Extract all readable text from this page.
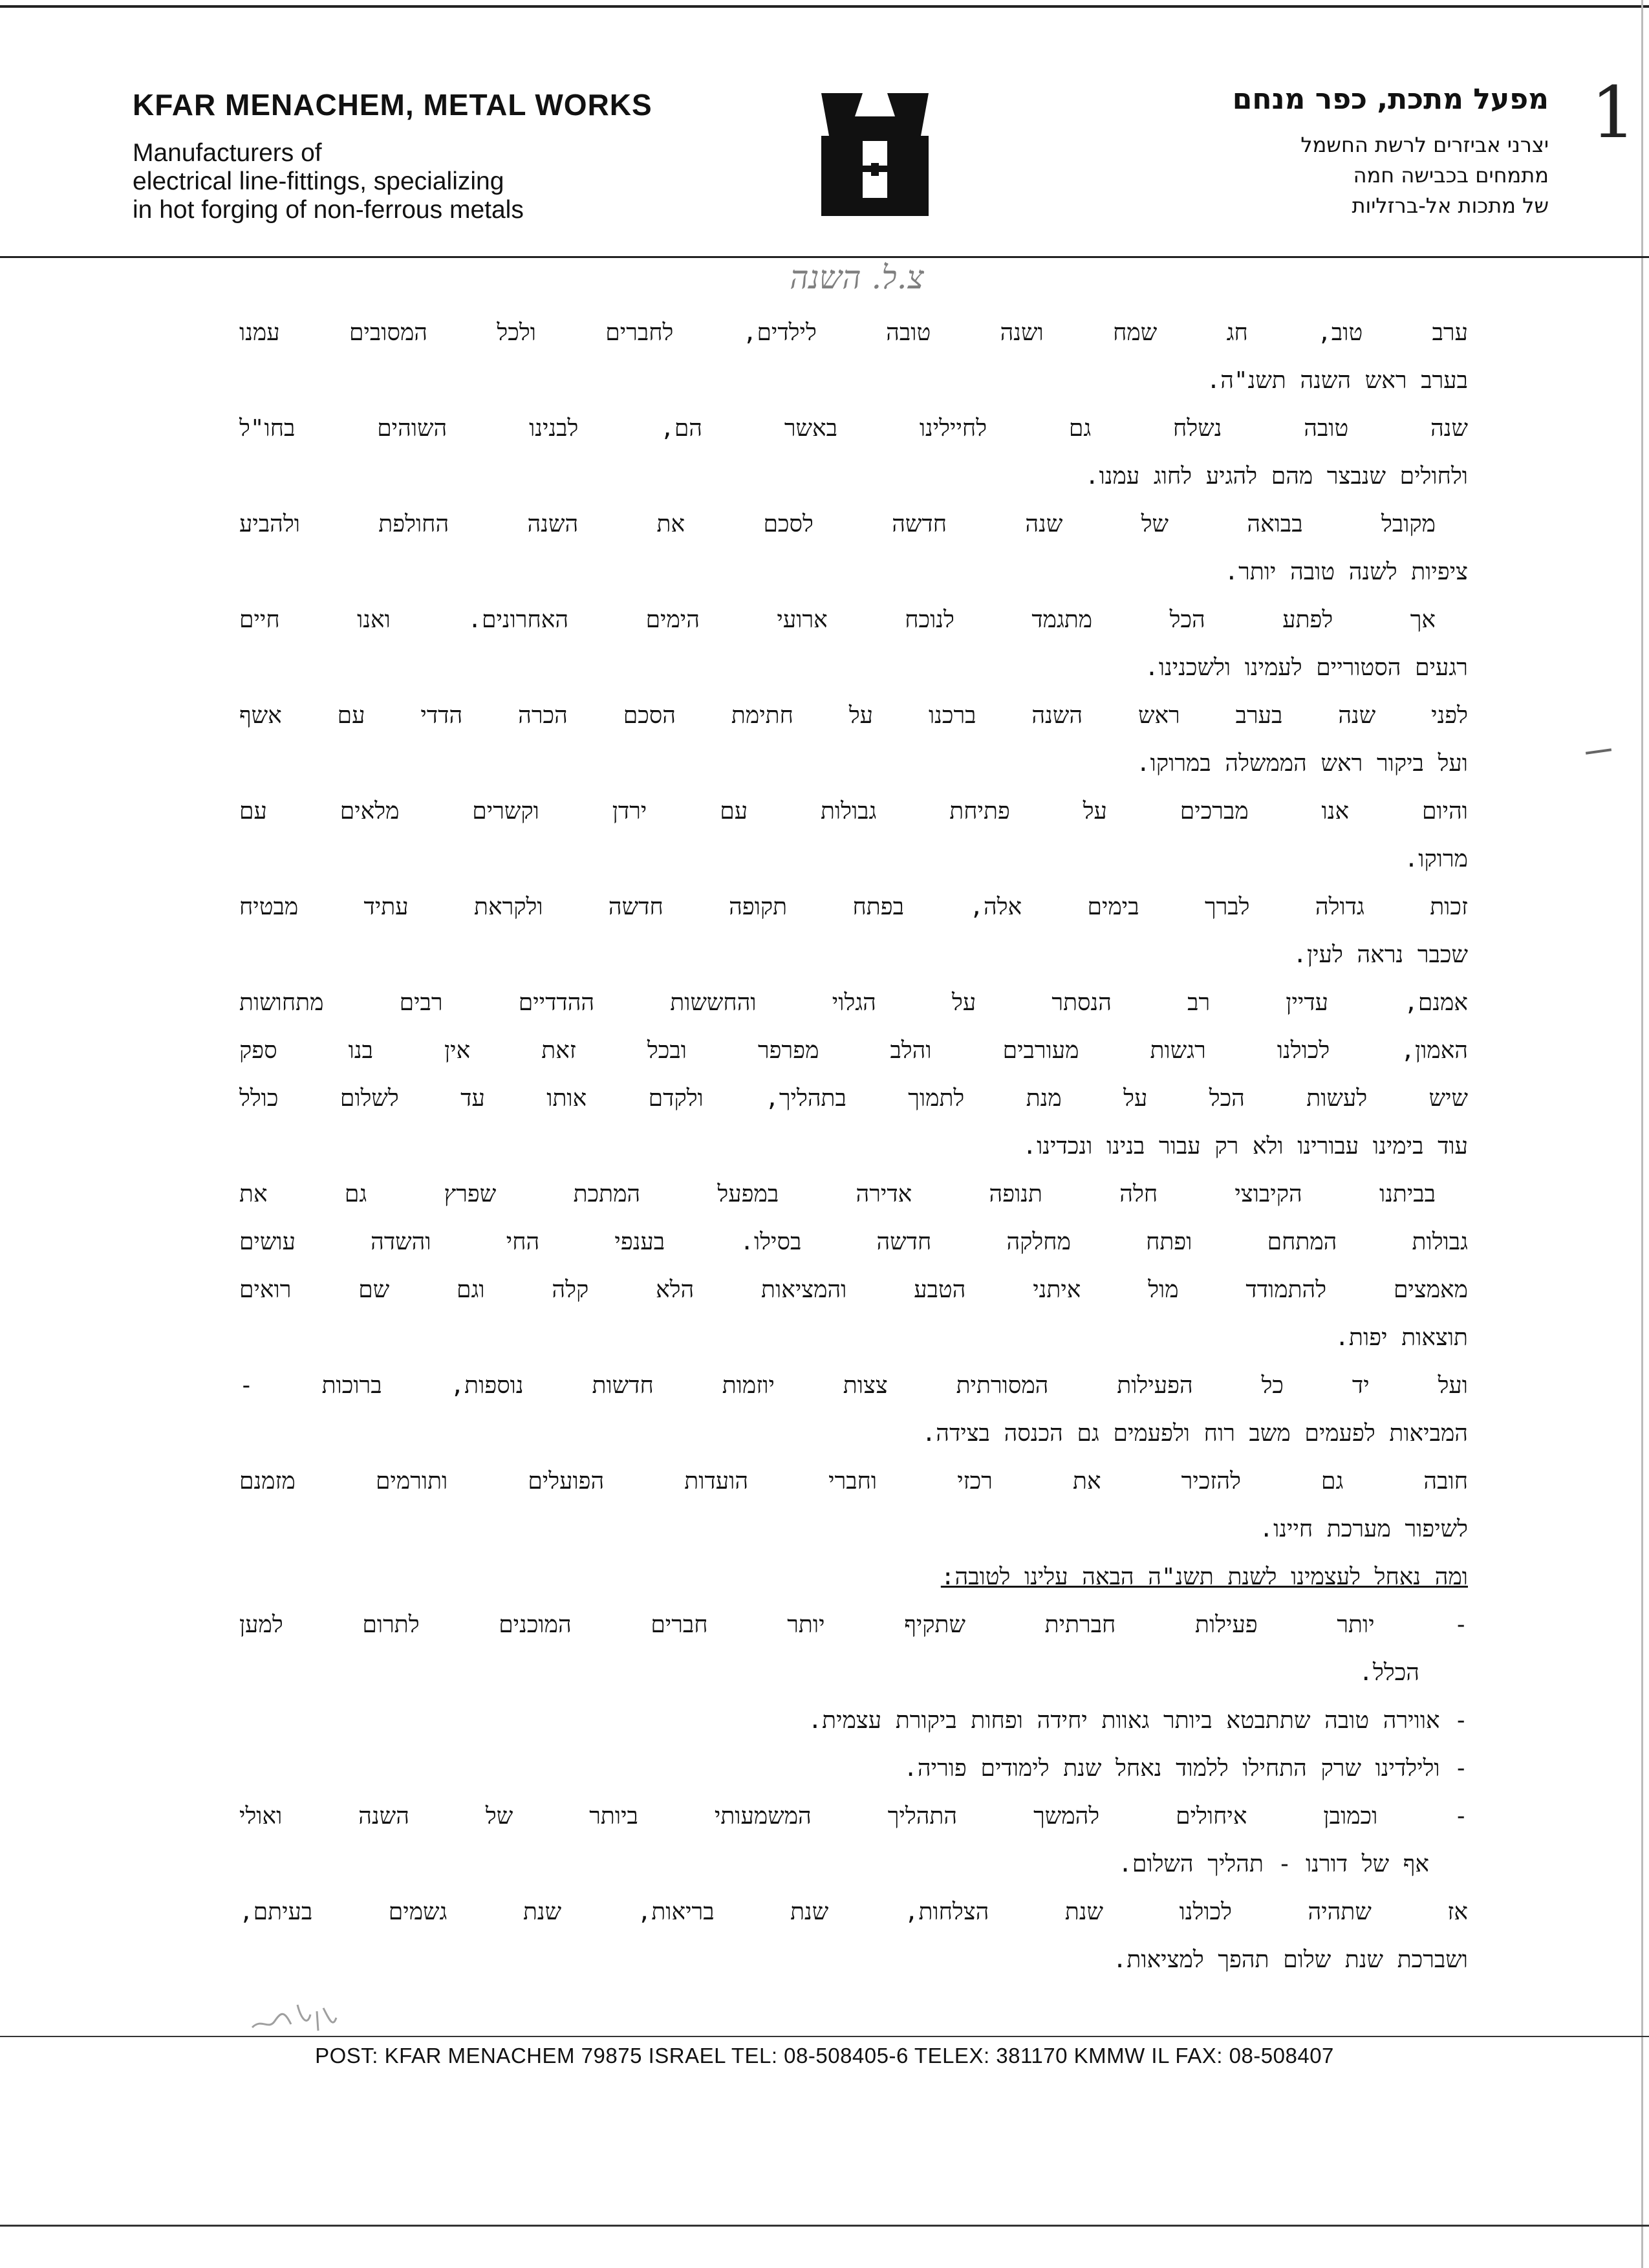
1
KFAR MENACHEM, METAL WORKS
Manufacturers of
electrical line-fittings, specializing
in hot forging of non-ferrous metals
מפעל מתכת, כפר מנחם
יצרני אביזרים לרשת החשמל
מתמחים בכבישה חמה
של מתכות אל-ברזליות
צ.ל. השנה
ערב טוב, חג שמח ושנה טובה לילדים, לחברים ולכל המסובים עמנו
בערב ראש השנה תשנ"ה.
שנה טובה נשלח גם לחיילינו באשר הם, לבנינו השוהים בחו"ל
ולחולים שנבצר מהם להגיע לחוג עמנו.
מקובל בבואה של שנה חדשה לסכם את השנה החולפת ולהביע
ציפיות לשנה טובה יותר.
אך לפתע הכל מתגמד לנוכח ארועי הימים האחרונים. ואנו חיים
רגעים הסטוריים לעמינו ולשכנינו.
לפני שנה בערב ראש השנה ברכנו על חתימת הסכם הכרה הדדי עם אשף
ועל ביקור ראש הממשלה במרוקו.
והיום אנו מברכים על פתיחת גבולות עם ירדן וקשרים מלאים עם
מרוקו.
זכות גדולה לברך בימים אלה, בפתח תקופה חדשה ולקראת עתיד מבטיח
שכבר נראה לעין.
אמנם, עדיין רב הנסתר על הגלוי והחששות ההדדיים רבים מתחושות
האמון, לכולנו רגשות מעורבים והלב מפרפר ובכל זאת אין בנו ספק
שיש לעשות הכל על מנת לתמוך בתהליך, ולקדם אותו עד לשלום כולל
עוד בימינו עבורינו ולא רק עבור בנינו ונכדינו.
בביתנו הקיבוצי חלה תנופה אדירה במפעל המתכת שפרץ גם את
גבולות המתחם ופתח מחלקה חדשה בסילו. בענפי החי והשדה עושים
מאמצים להתמודד מול איתני הטבע והמציאות הלא קלה וגם שם רואים
תוצאות יפות.
ועל יד כל הפעילות המסורתית צצות יוזמות חדשות נוספות, ברוכות -
המביאות לפעמים משב רוח ולפעמים גם הכנסה בצידה.
חובה גם להזכיר את רכזי וחברי הועדות הפועלים ותורמים מזמנם
לשיפור מערכת חיינו.
ומה נאחל לעצמינו לשנת תשנ"ה הבאה עלינו לטובה:
- יותר פעילות חברתית שתקיף יותר חברים המוכנים לתרום למען
הכלל.
- אווירה טובה שתתבטא ביותר גאוות יחידה ופחות ביקורת עצמית.
- ולילדינו שרק התחילו ללמוד נאחל שנת לימודים פוריה.
- וכמובן איחולים להמשך התהליך המשמעותי ביותר של השנה ואולי
אף של דורנו - תהליך השלום.
אז שתהיה לכולנו שנת הצלחות, שנת בריאות, שנת גשמים בעיתם,
ושברכת שנת שלום תהפך למציאות.
POST: KFAR MENACHEM 79875 ISRAEL TEL: 08-508405-6 TELEX: 381170 KMMW IL FAX: 08-508407
